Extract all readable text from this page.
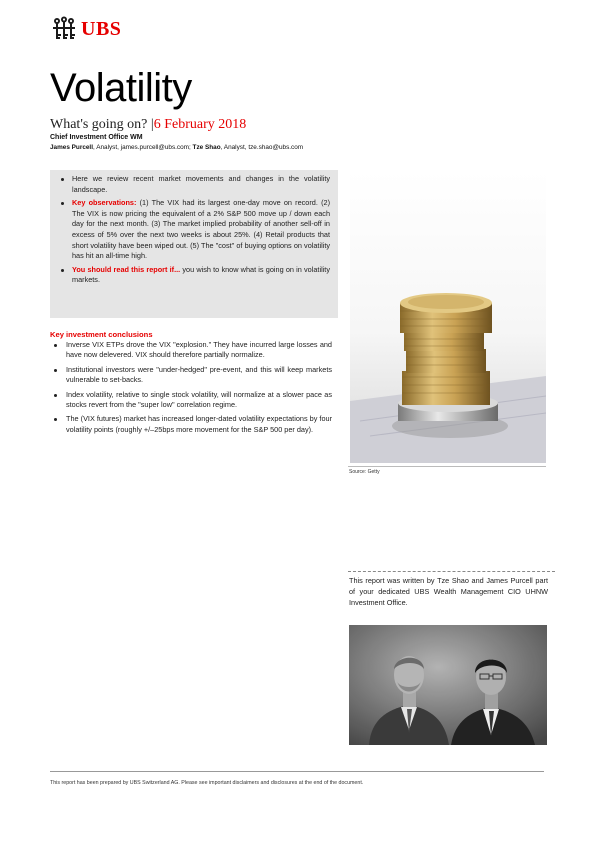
UBS
Volatility
What's going on? |6 February 2018
Chief Investment Office WM
James Purcell, Analyst, james.purcell@ubs.com; Tze Shao, Analyst, tze.shao@ubs.com
Here we review recent market movements and changes in the volatility landscape.
Key observations: (1) The VIX had its largest one-day move on record. (2) The VIX is now pricing the equivalent of a 2% S&P 500 move up / down each day for the next month. (3) The market implied probability of another sell-off in excess of 5% over the next two weeks is about 25%. (4) Retail products that short volatility have been wiped out. (5) The "cost" of buying options on volatility has hit an all-time high.
You should read this report if... you wish to know what is going on in volatility markets.
Key investment conclusions
Inverse VIX ETPs drove the VIX "explosion." They have incurred large losses and have now delevered. VIX should therefore partially normalize.
Institutional investors were "under-hedged" pre-event, and this will keep markets vulnerable to set-backs.
Index volatility, relative to single stock volatility, will normalize at a slower pace as stocks revert from the "super low" correlation regime.
The (VIX futures) market has increased longer-dated volatility expectations by four volatility points (roughly +/–25bps more movement for the S&P 500 per day).
Source: Getty
This report was written by Tze Shao and James Purcell part of your dedicated UBS Wealth Management CIO UHNW Investment Office.
This report has been prepared by UBS Switzerland AG. Please see important disclaimers and disclosures at the end of the document.
